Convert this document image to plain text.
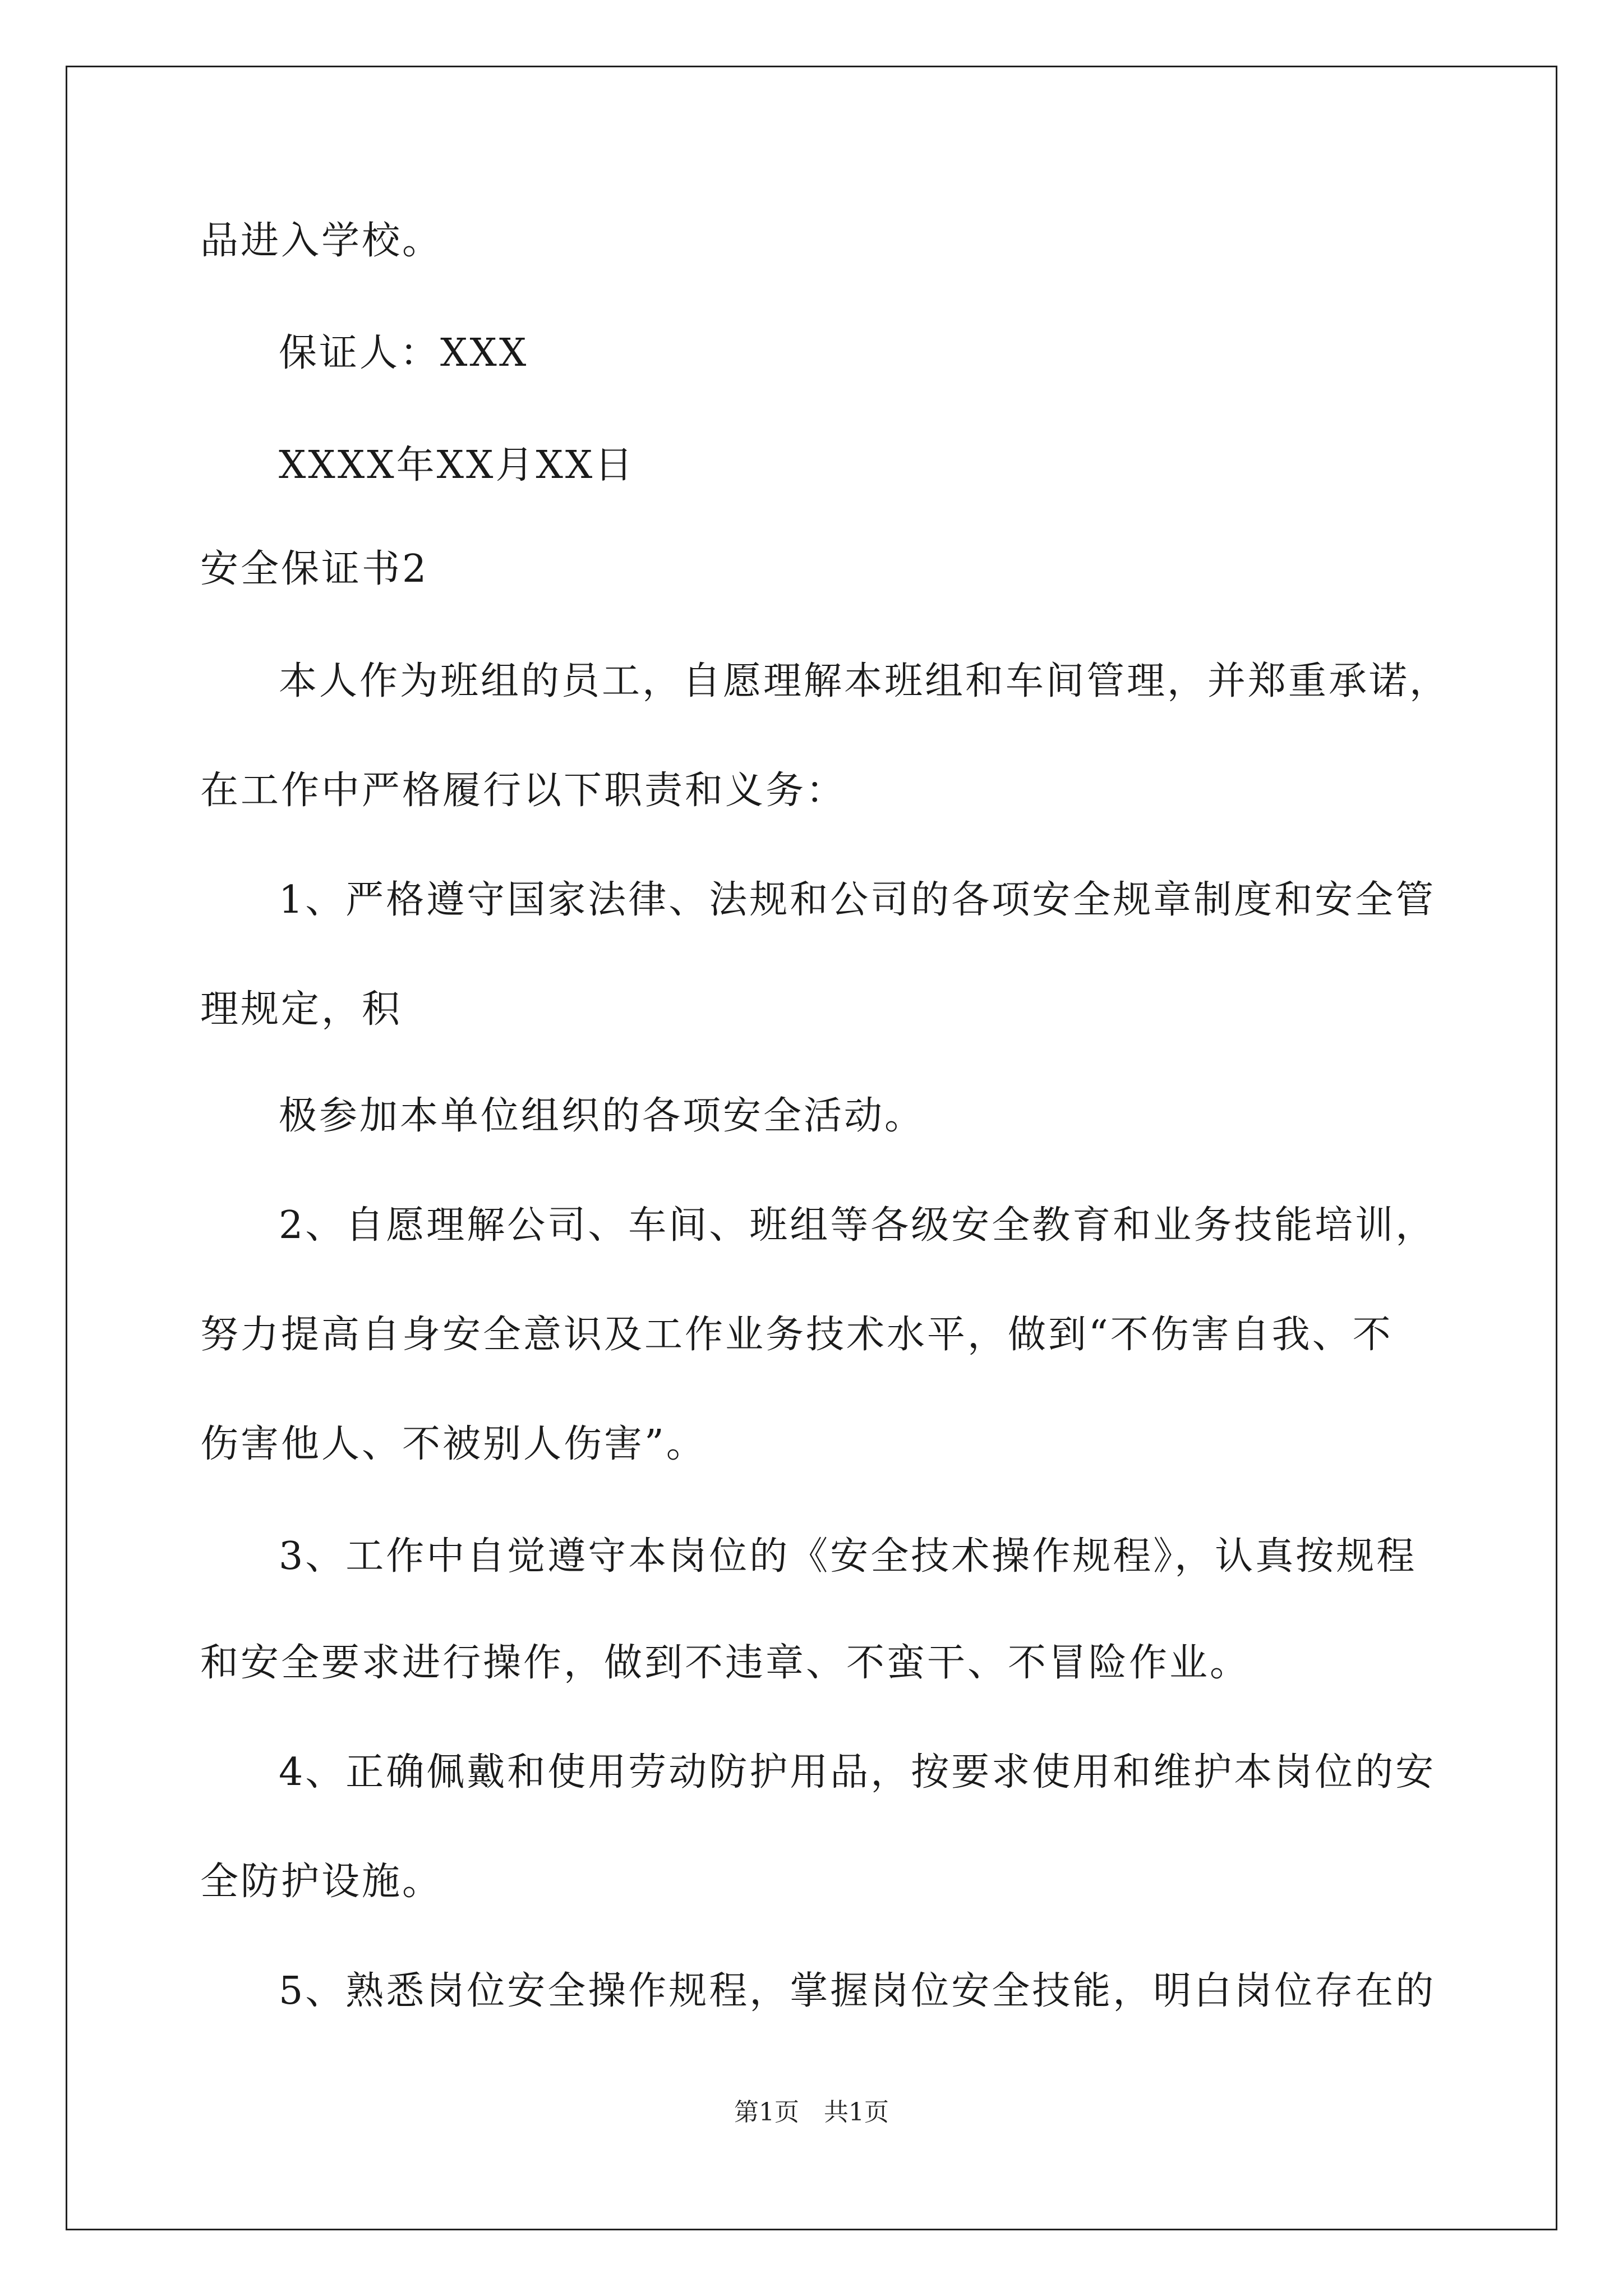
品进入学校。
保证人：XXX
XXXX年XX月XX日
安全保证书2
本人作为班组的员工，自愿理解本班组和车间管理，并郑重承诺，
在工作中严格履行以下职责和义务：
1、严格遵守国家法律、法规和公司的各项安全规章制度和安全管
理规定，积
极参加本单位组织的各项安全活动。
2、自愿理解公司、车间、班组等各级安全教育和业务技能培训，
努力提高自身安全意识及工作业务技术水平，做到“不伤害自我、不
伤害他人、不被别人伤害”。
3、工作中自觉遵守本岗位的《安全技术操作规程》，认真按规程
和安全要求进行操作，做到不违章、不蛮干、不冒险作业。
4、正确佩戴和使用劳动防护用品，按要求使用和维护本岗位的安
全防护设施。
5、熟悉岗位安全操作规程，掌握岗位安全技能，明白岗位存在的
第1页 共1页
